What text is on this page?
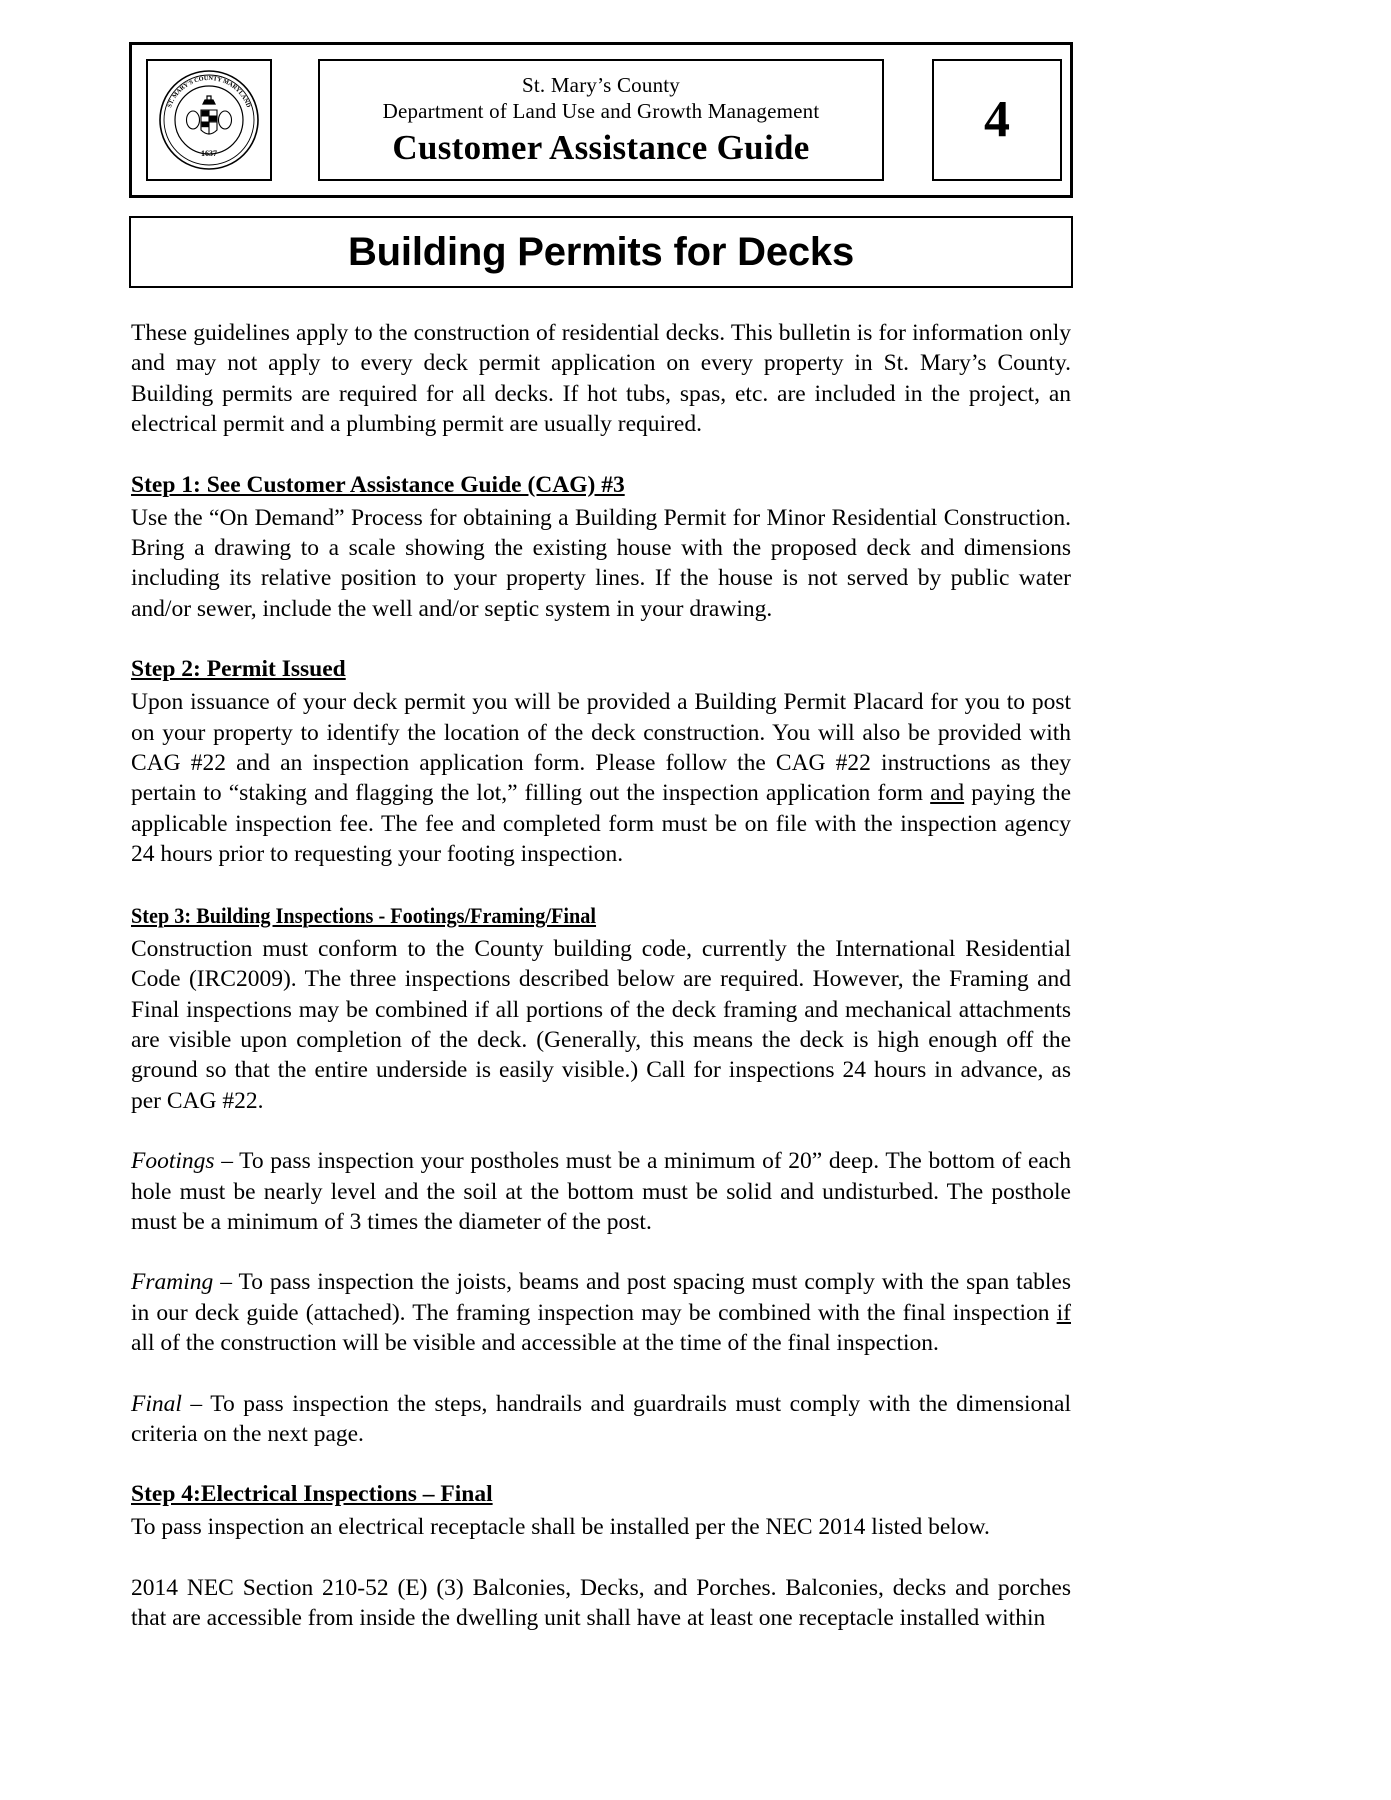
ST. MARY'S COUNTY MARYLAND
1637
St. Mary’s County
Department of Land Use and Growth Management
Customer Assistance Guide	4
Building Permits for Decks

These guidelines apply to the construction of residential decks. This bulletin is for information only and may not apply to every deck permit application on every property in St. Mary’s County. Building permits are required for all decks. If hot tubs, spas, etc. are included in the project, an electrical permit and a plumbing permit are usually required.

Step 1: See Customer Assistance Guide (CAG) #3

Use the “On Demand” Process for obtaining a Building Permit for Minor Residential Construction. Bring a drawing to a scale showing the existing house with the proposed deck and dimensions including its relative position to your property lines. If the house is not served by public water and/or sewer, include the well and/or septic system in your drawing.

Step 2: Permit Issued

Upon issuance of your deck permit you will be provided a Building Permit Placard for you to post on your property to identify the location of the deck construction. You will also be provided with CAG #22 and an inspection application form. Please follow the CAG #22 instructions as they pertain to “staking and flagging the lot,” filling out the inspection application form and paying the applicable inspection fee. The fee and completed form must be on file with the inspection agency 24 hours prior to requesting your footing inspection.

Step 3: Building Inspections - Footings/Framing/Final

Construction must conform to the County building code, currently the International Residential Code (IRC2009). The three inspections described below are required. However, the Framing and Final inspections may be combined if all portions of the deck framing and mechanical attachments are visible upon completion of the deck. (Generally, this means the deck is high enough off the ground so that the entire underside is easily visible.) Call for inspections 24 hours in advance, as per CAG #22.

Footings – To pass inspection your postholes must be a minimum of 20” deep. The bottom of each hole must be nearly level and the soil at the bottom must be solid and undisturbed. The posthole must be a minimum of 3 times the diameter of the post.

Framing – To pass inspection the joists, beams and post spacing must comply with the span tables in our deck guide (attached). The framing inspection may be combined with the final inspection if all of the construction will be visible and accessible at the time of the final inspection.

Final – To pass inspection the steps, handrails and guardrails must comply with the dimensional criteria on the next page.

Step 4:Electrical Inspections – Final

To pass inspection an electrical receptacle shall be installed per the NEC 2014 listed below.

2014 NEC Section 210-52 (E) (3) Balconies, Decks, and Porches. Balconies, decks and porches that are accessible from inside the dwelling unit shall have at least one receptacle installed within
